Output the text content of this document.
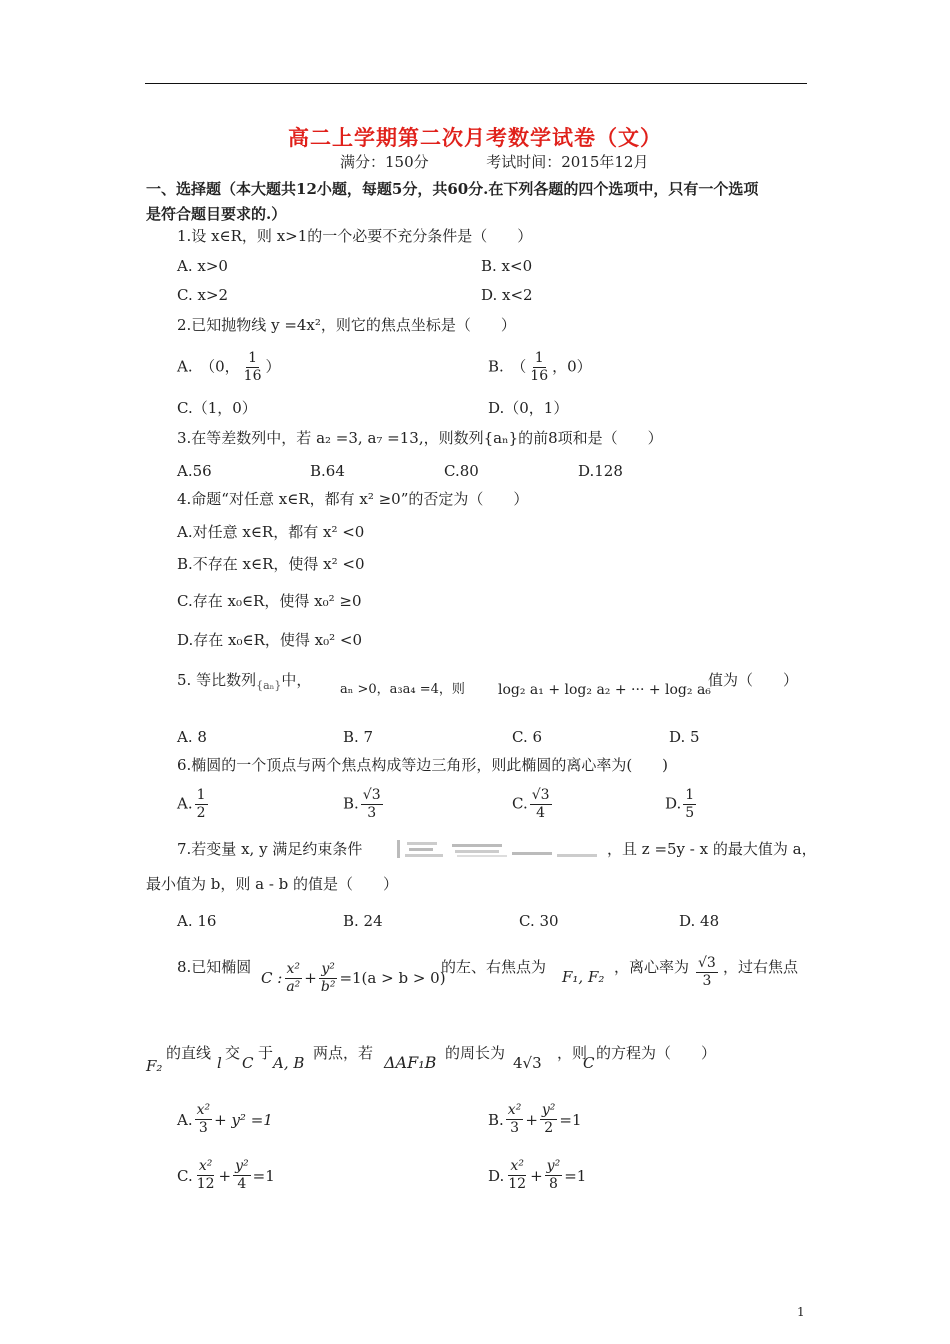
高二上学期第二次月考数学试卷（文）
满分：150分	考试时间：2015年12月
一、选择题（本大题共12小题，每题5分，共60分.在下列各题的四个选项中，只有一个选项
是符合题目要求的.）
1.设 x∈R，则 x>1的一个必要不充分条件是（　　）
A. x>0	B. x<0
C. x>2	D. x<2
2.已知抛物线 y =4x²，则它的焦点坐标是（　　）
A.　（0， $\frac{1}{16}$ ）	B.　（ $\frac{1}{16}$ ，0）
C.（1，0）	D.（0，1）
3.在等差数列中，若 a₂ =3, a₇ =13,，则数列{aₙ}的前8项和是（　　）
A.56	B.64	C.80	D.128
4.命题“对任意 x∈R，都有 x² ≥0”的否定为（　　）
A.对任意 x∈R，都有 x² <0
B.不存在 x∈R，使得 x² <0
C.存在 x₀∈R，使得 x₀² ≥0
D.存在 x₀∈R，使得 x₀² <0
5. 等比数列$_{\{a_n\}}$中，
aₙ >0，a₃a₄ =4，则 log₂ a₁ + log₂ a₂ + ··· + log₂ a₆
值为（　　）
A. 8	B. 7	C. 6	D. 5
6.椭圆的一个顶点与两个焦点构成等边三角形，则此椭圆的离心率为(　　)
A. $\frac{1}{2}$	B. $\frac{√3}{3}$	C. $\frac{√3}{4}$	D. $\frac{1}{5}$
7.若变量 x, y 满足约束条件	，且 z =5y - x 的最大值为 a，
最小值为 b，则 a - b 的值是（　　）
A. 16	B. 24	C. 30	D. 48
8.已知椭圆
C : $\frac{\text{x²}}{\text{a²}} + \frac{\text{y²}}{\text{b²}} =1(a > b > 0)$
的左、右焦点为
F₁, F₂
，离心率为 $\frac{√3}{3}$ ，过右焦点
F₂
的直线
l
交
C
于
A, B
两点，若 ΔAF₁B 的周长为
4√3
，则
C
的方程为（　　）
A. $\frac{\text{x²}}{3} + y^2 =1$	B. $\frac{\text{x²}}{3} + \frac{\text{y²}}{2} =1$
C. $\frac{\text{x²}}{12} + \frac{\text{y²}}{4} =1$	D. $\frac{\text{x²}}{12} + \frac{\text{y²}}{8} =1$
1
